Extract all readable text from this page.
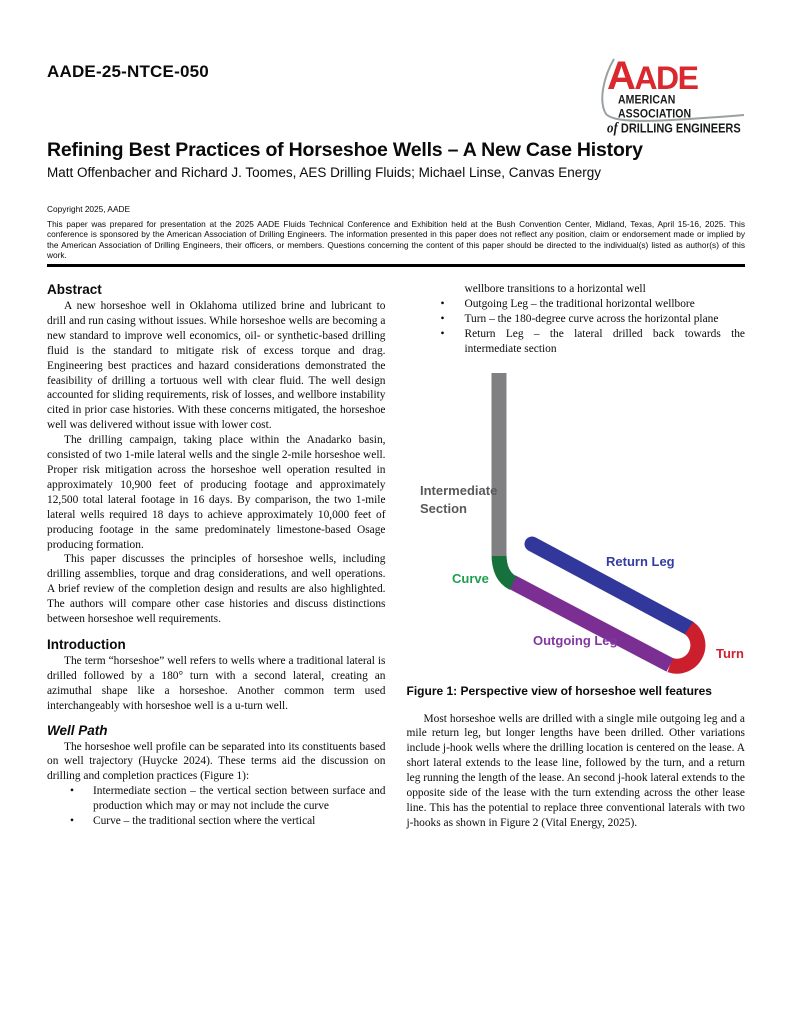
AADE-25-NTCE-050	AADE
AMERICAN ASSOCIATION
of DRILLING ENGINEERS
Refining Best Practices of Horseshoe Wells – A New Case History
Matt Offenbacher and Richard J. Toomes, AES Drilling Fluids; Michael Linse, Canvas Energy
Copyright 2025, AADE
This paper was prepared for presentation at the 2025 AADE Fluids Technical Conference and Exhibition held at the Bush Convention Center, Midland, Texas, April 15-16, 2025. This conference is sponsored by the American Association of Drilling Engineers. The information presented in this paper does not reflect any position, claim or endorsement made or implied by the American Association of Drilling Engineers, their officers, or members. Questions concerning the content of this paper should be directed to the individual(s) listed as author(s) of this work.
Abstract

A new horseshoe well in Oklahoma utilized brine and lubricant to drill and run casing without issues. While horseshoe wells are becoming a new standard to improve well economics, oil- or synthetic-based drilling fluid is the standard to mitigate risk of excess torque and drag. Engineering best practices and hazard considerations demonstrated the feasibility of drilling a tortuous well with clear fluid. The well design accounted for sliding requirements, risk of losses, and wellbore instability cited in prior case histories. With these concerns mitigated, the horseshoe well was delivered without issue with lower cost.

The drilling campaign, taking place within the Anadarko basin, consisted of two 1-mile lateral wells and the single 2-mile horseshoe well. Proper risk mitigation across the horseshoe well operation resulted in approximately 10,900 feet of producing footage and approximately 12,500 total lateral footage in 16 days. By comparison, the two 1-mile lateral wells required 18 days to achieve approximately 10,000 feet of producing footage in the same predominately limestone-based Osage producing formation.

This paper discusses the principles of horseshoe wells, including drilling assemblies, torque and drag considerations, and well operations. A brief review of the completion design and results are also highlighted. The authors will compare other case histories and discuss distinctions between horseshoe well requirements.

Introduction

The term “horseshoe” well refers to wells where a traditional lateral is drilled followed by a 180° turn with a second lateral, creating an azimuthal shape like a horseshoe. Another common term used interchangeably with horseshoe well is a u-turn well.

Well Path

The horseshoe well profile can be separated into its constituents based on well trajectory (Huycke 2024). These terms aid the discussion on drilling and completion practices (Figure 1):

• Intermediate section – the vertical section between surface and production which may or may not include the curve
• Curve – the traditional section where the vertical
wellbore transitions to a horizontal well
• Outgoing Leg – the traditional horizontal wellbore
• Turn – the 180-degree curve across the horizontal plane
• Return Leg – the lateral drilled back towards the intermediate section
Intermediate
Section
Curve
Return Leg
Outgoing Leg
Turn
Figure 1: Perspective view of horseshoe well features

Most horseshoe wells are drilled with a single mile outgoing leg and a mile return leg, but longer lengths have been drilled. Other variations include j-hook wells where the drilling location is centered on the lease. A short lateral extends to the lease line, followed by the turn, and a return leg running the length of the lease. An second j-hook lateral extends to the opposite side of the lease with the turn extending across the other lease line. This has the potential to replace three conventional laterals with two j-hooks as shown in Figure 2 (Vital Energy, 2025).
